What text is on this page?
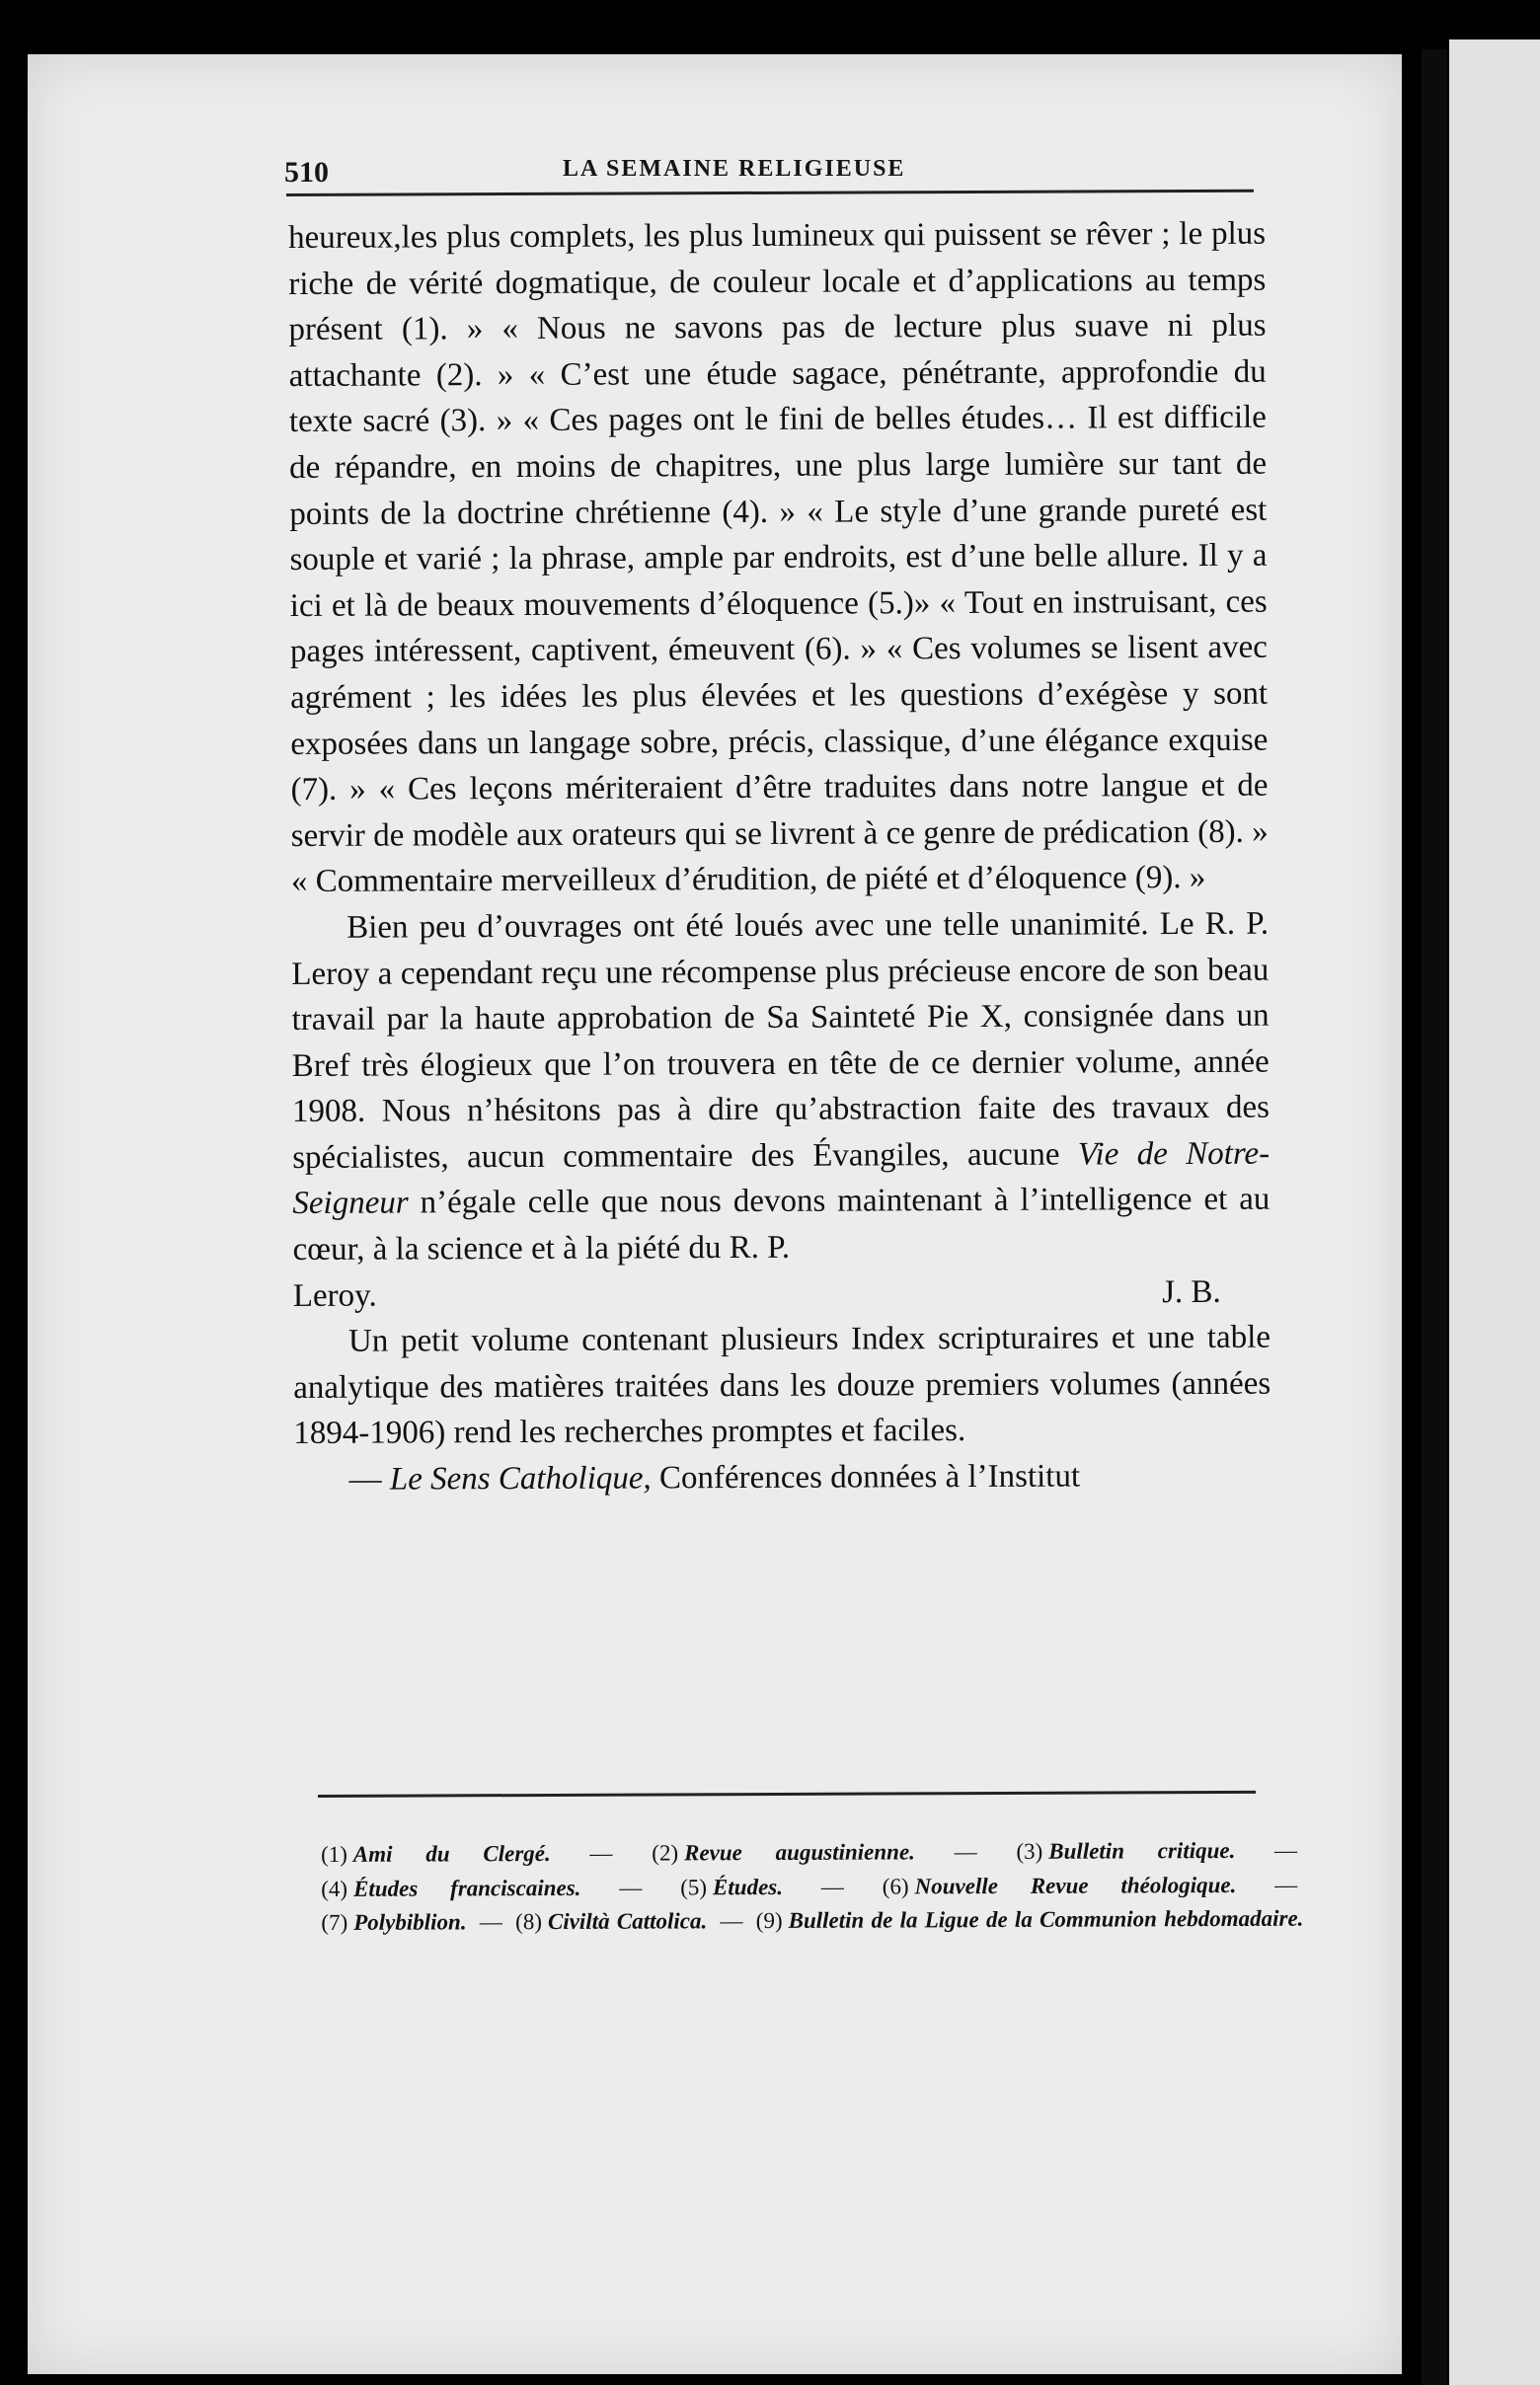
510	LA SEMAINE RELIGIEUSE

heureux,les plus complets, les plus lumineux qui puissent se rêver ; le plus riche de vérité dogmatique, de couleur locale et d’applications au temps présent (1). » « Nous ne savons pas de lecture plus suave ni plus attachante (2). » « C’est une étude sagace, pénétrante, approfondie du texte sacré (3). » « Ces pages ont le fini de belles études… Il est difficile de répandre, en moins de chapitres, une plus large lumière sur tant de points de la doctrine chrétienne (4). » « Le style d’une grande pureté est souple et varié ; la phrase, ample par endroits, est d’une belle allure. Il y a ici et là de beaux mouvements d’éloquence (5.)» « Tout en instruisant, ces pages intéressent, captivent, émeuvent (6). » « Ces volumes se lisent avec agrément ; les idées les plus élevées et les questions d’exégèse y sont exposées dans un langage sobre, précis, classique, d’une élégance exquise (7). » « Ces leçons mériteraient d’être traduites dans notre langue et de servir de modèle aux orateurs qui se livrent à ce genre de prédication (8). » « Commentaire merveilleux d’érudition, de piété et d’éloquence (9). »

Bien peu d’ouvrages ont été loués avec une telle unanimité. Le R. P. Leroy a cependant reçu une récompense plus précieuse encore de son beau travail par la haute approbation de Sa Sainteté Pie X, consignée dans un Bref très élogieux que l’on trouvera en tête de ce dernier volume, année 1908. Nous n’hésitons pas à dire qu’abstraction faite des travaux des spécialistes, aucun commentaire des Évangiles, aucune Vie de Notre-Seigneur n’égale celle que nous devons maintenant à l’intelligence et au cœur, à la science et à la piété du R. P.

Leroy.	J. B.

Un petit volume contenant plusieurs Index scripturaires et une table analytique des matières traitées dans les douze premiers volumes (années 1894-1906) rend les recherches promptes et faciles.

— Le Sens Catholique, Conférences données à l’Institut

(1) Ami du Clergé. — (2) Revue augustinienne. — (3) Bulletin critique. —
(4) Études franciscaines. — (5) Études. — (6) Nouvelle Revue théologique. —
(7) Polybiblion. — (8) Civiltà Cattolica. — (9) Bulletin de la Ligue de la Communion hebdomadaire.
